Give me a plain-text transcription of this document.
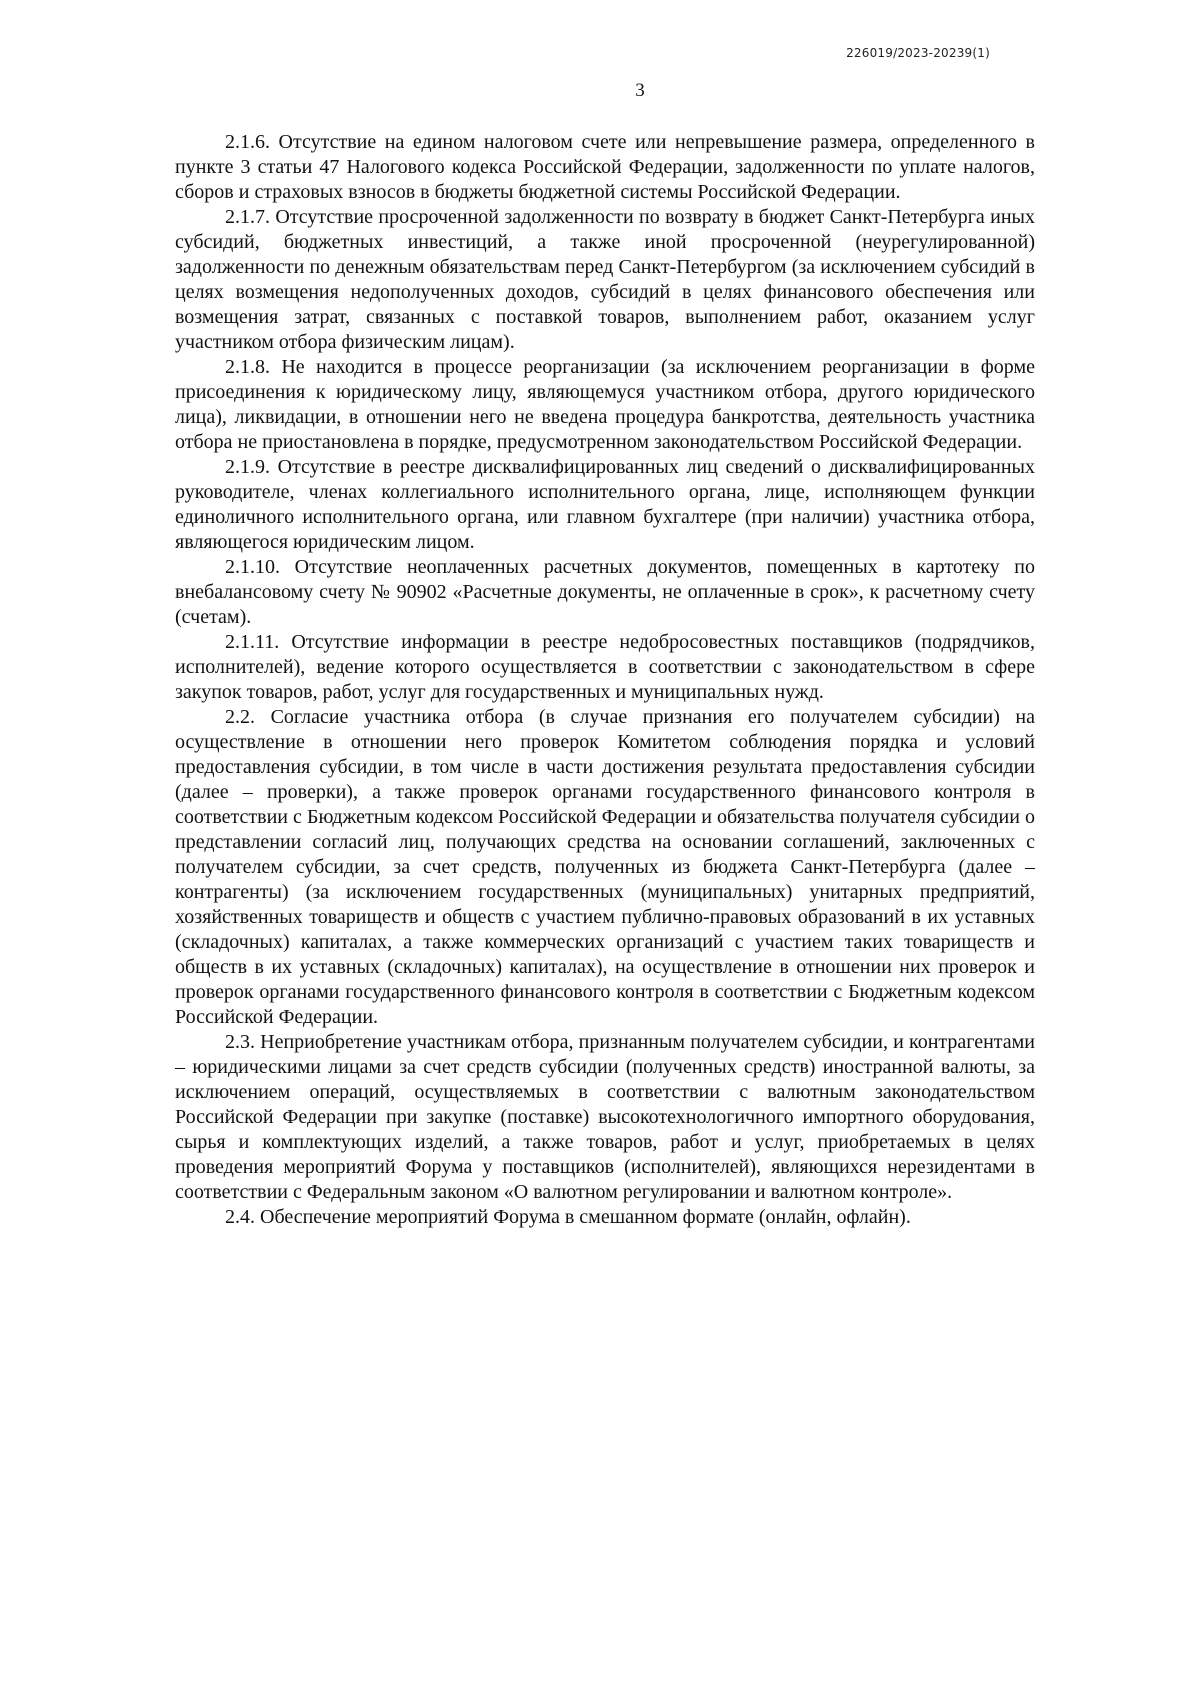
226019/2023-20239(1)
3

2.1.6. Отсутствие на едином налоговом счете или непревышение размера, определенного в пункте 3 статьи 47 Налогового кодекса Российской Федерации, задолженности по уплате налогов, сборов и страховых взносов в бюджеты бюджетной системы Российской Федерации.

2.1.7. Отсутствие просроченной задолженности по возврату в бюджет Санкт-Петербурга иных субсидий, бюджетных инвестиций, а также иной просроченной (неурегулированной) задолженности по денежным обязательствам перед Санкт-Петербургом (за исключением субсидий в целях возмещения недополученных доходов, субсидий в целях финансового обеспечения или возмещения затрат, связанных с поставкой товаров, выполнением работ, оказанием услуг участником отбора физическим лицам).

2.1.8. Не находится в процессе реорганизации (за исключением реорганизации в форме присоединения к юридическому лицу, являющемуся участником отбора, другого юридического лица), ликвидации, в отношении него не введена процедура банкротства, деятельность участника отбора не приостановлена в порядке, предусмотренном законодательством Российской Федерации.

2.1.9. Отсутствие в реестре дисквалифицированных лиц сведений о дисквалифицированных руководителе, членах коллегиального исполнительного органа, лице, исполняющем функции единоличного исполнительного органа, или главном бухгалтере (при наличии) участника отбора, являющегося юридическим лицом.

2.1.10. Отсутствие неоплаченных расчетных документов, помещенных в картотеку по внебалансовому счету № 90902 «Расчетные документы, не оплаченные в срок», к расчетному счету (счетам).

2.1.11. Отсутствие информации в реестре недобросовестных поставщиков (подрядчиков, исполнителей), ведение которого осуществляется в соответствии с законодательством в сфере закупок товаров, работ, услуг для государственных и муниципальных нужд.

2.2. Согласие участника отбора (в случае признания его получателем субсидии) на осуществление в отношении него проверок Комитетом соблюдения порядка и условий предоставления субсидии, в том числе в части достижения результата предоставления субсидии (далее – проверки), а также проверок органами государственного финансового контроля в соответствии с Бюджетным кодексом Российской Федерации и обязательства получателя субсидии о представлении согласий лиц, получающих средства на основании соглашений, заключенных с получателем субсидии, за счет средств, полученных из бюджета Санкт-Петербурга (далее – контрагенты) (за исключением государственных (муниципальных) унитарных предприятий, хозяйственных товариществ и обществ с участием публично-правовых образований в их уставных (складочных) капиталах, а также коммерческих организаций с участием таких товариществ и обществ в их уставных (складочных) капиталах), на осуществление в отношении них проверок и проверок органами государственного финансового контроля в соответствии с Бюджетным кодексом Российской Федерации.

2.3. Неприобретение участникам отбора, признанным получателем субсидии, и контрагентами – юридическими лицами за счет средств субсидии (полученных средств) иностранной валюты, за исключением операций, осуществляемых в соответствии с валютным законодательством Российской Федерации при закупке (поставке) высокотехнологичного импортного оборудования, сырья и комплектующих изделий, а также товаров, работ и услуг, приобретаемых в целях проведения мероприятий Форума у поставщиков (исполнителей), являющихся нерезидентами в соответствии с Федеральным законом «О валютном регулировании и валютном контроле».

2.4. Обеспечение мероприятий Форума в смешанном формате (онлайн, офлайн).
